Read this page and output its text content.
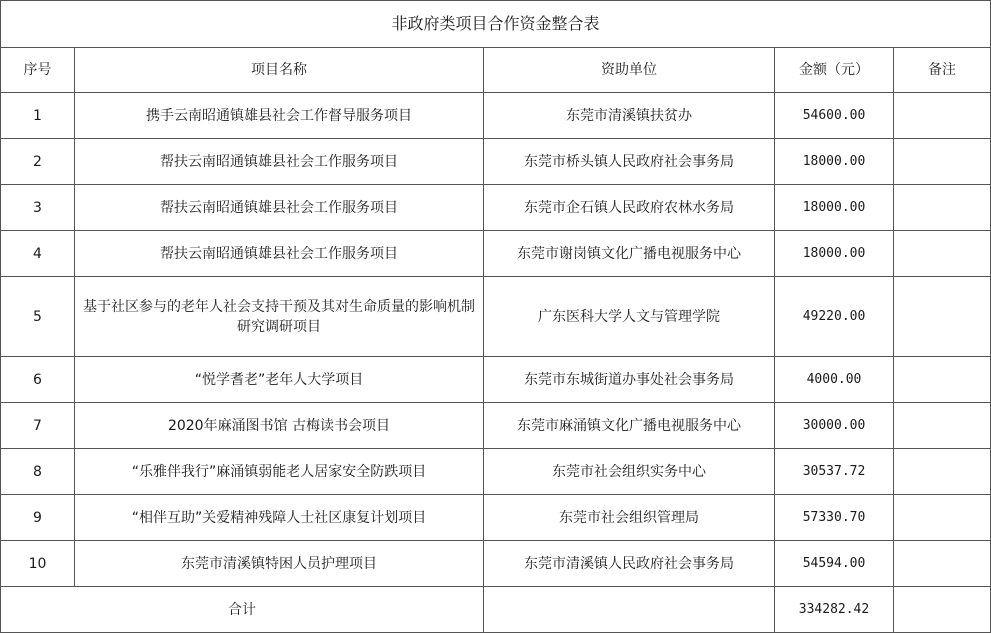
非政府类项目合作资金整合表				
序号	项目名称	资助单位	金额（元）	备注
1	携手云南昭通镇雄县社会工作督导服务项目	东莞市清溪镇扶贫办	54600.00	
2	帮扶云南昭通镇雄县社会工作服务项目	东莞市桥头镇人民政府社会事务局	18000.00	
3	帮扶云南昭通镇雄县社会工作服务项目	东莞市企石镇人民政府农林水务局	18000.00	
4	帮扶云南昭通镇雄县社会工作服务项目	东莞市谢岗镇文化广播电视服务中心	18000.00	
5	基于社区参与的老年人社会支持干预及其对生命质量的影响机制研究调研项目	广东医科大学人文与管理学院	49220.00	
6	“悦学耆老”老年人大学项目	东莞市东城街道办事处社会事务局	4000.00	
7	2020年麻涌图书馆 古梅读书会项目	东莞市麻涌镇文化广播电视服务中心	30000.00	
8	“乐雅伴我行”麻涌镇弱能老人居家安全防跌项目	东莞市社会组织实务中心	30537.72	
9	“相伴互助”关爱精神残障人士社区康复计划项目	东莞市社会组织管理局	57330.70	
10	东莞市清溪镇特困人员护理项目	东莞市清溪镇人民政府社会事务局	54594.00	
合计			334282.42	
